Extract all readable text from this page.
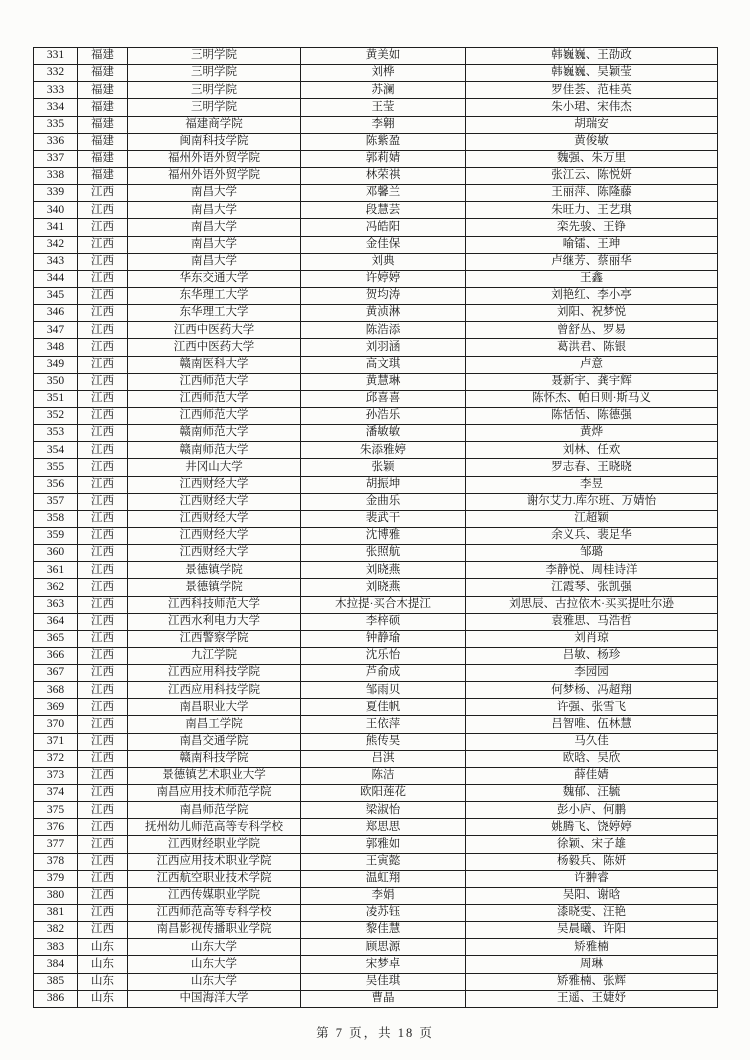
331	福建	三明学院	黄美如	韩巍巍、王劭政
332	福建	三明学院	刘桦	韩巍巍、吴颖莹
333	福建	三明学院	苏澜	罗佳荟、范桂英
334	福建	三明学院	王莹	朱小珺、宋伟杰
335	福建	福建商学院	李翱	胡瑞安
336	福建	闽南科技学院	陈紫盈	黄俊敏
337	福建	福州外语外贸学院	郭莉婧	魏强、朱万里
338	福建	福州外语外贸学院	林荣祺	张江云、陈悦妍
339	江西	南昌大学	邓馨兰	王丽萍、陈隆藤
340	江西	南昌大学	段慧芸	朱旺力、王艺琪
341	江西	南昌大学	冯皓阳	栾先骏、王铮
342	江西	南昌大学	金佳保	喻镭、王珅
343	江西	南昌大学	刘典	卢继芳、蔡丽华
344	江西	华东交通大学	许婷婷	王鑫
345	江西	东华理工大学	贺均涛	刘艳红、李小亭
346	江西	东华理工大学	黄浈淋	刘阳、祝梦悦
347	江西	江西中医药大学	陈浩添	曾舒丛、罗易
348	江西	江西中医药大学	刘羽涵	葛洪君、陈银
349	江西	赣南医科大学	高文琪	卢意
350	江西	江西师范大学	黄慧琳	聂新宇、龚宇辉
351	江西	江西师范大学	邱喜喜	陈怀杰、帕日则·斯马义
352	江西	江西师范大学	孙浩乐	陈恬恬、陈德强
353	江西	赣南师范大学	潘敏敏	黄烨
354	江西	赣南师范大学	朱添雅婷	刘林、任欢
355	江西	井冈山大学	张颖	罗志春、王晓晓
356	江西	江西财经大学	胡振坤	李昱
357	江西	江西财经大学	金曲乐	谢尔艾力.库尔班、万婧怡
358	江西	江西财经大学	裴武干	江超颖
359	江西	江西财经大学	沈博雅	余义兵、裴足华
360	江西	江西财经大学	张照航	邹璐
361	江西	景德镇学院	刘晓燕	李静悦、周桂诗洋
362	江西	景德镇学院	刘晓燕	江霞琴、张凯强
363	江西	江西科技师范大学	木拉提·买合木提江	刘思辰、古拉依木·买买提吐尔逊
364	江西	江西水利电力大学	李梓硕	袁雅思、马浩哲
365	江西	江西警察学院	钟静瑜	刘肖琼
366	江西	九江学院	沈乐怡	吕敏、杨珍
367	江西	江西应用科技学院	芦俞成	李园园
368	江西	江西应用科技学院	邹雨贝	何梦杨、冯超翔
369	江西	南昌职业大学	夏佳帆	许强、张雪飞
370	江西	南昌工学院	王依萍	吕智唯、伍林慧
371	江西	南昌交通学院	熊传昊	马久佳
372	江西	赣南科技学院	吕淇	欧晗、吴欣
373	江西	景德镇艺术职业大学	陈洁	薛佳婧
374	江西	南昌应用技术师范学院	欧阳莲花	魏郁、汪毓
375	江西	南昌师范学院	梁淑怡	彭小庐、何鹏
376	江西	抚州幼儿师范高等专科学校	郑思思	姚腾飞、饶婷婷
377	江西	江西财经职业学院	郭雅如	徐颖、宋子雄
378	江西	江西应用技术职业学院	王寅懿	杨毅兵、陈妍
379	江西	江西航空职业技术学院	温虹翔	许翀睿
380	江西	江西传媒职业学院	李娟	吴阳、谢晗
381	江西	江西师范高等专科学校	凌苏钰	漆晓雯、汪艳
382	江西	南昌影视传播职业学院	黎佳慧	吴晨曦、许阳
383	山东	山东大学	顾思源	矫雅楠
384	山东	山东大学	宋梦卓	周琳
385	山东	山东大学	吴佳琪	矫雅楠、张辉
386	山东	中国海洋大学	曹晶	王遥、王婕妤
第 7 页，共 18 页
